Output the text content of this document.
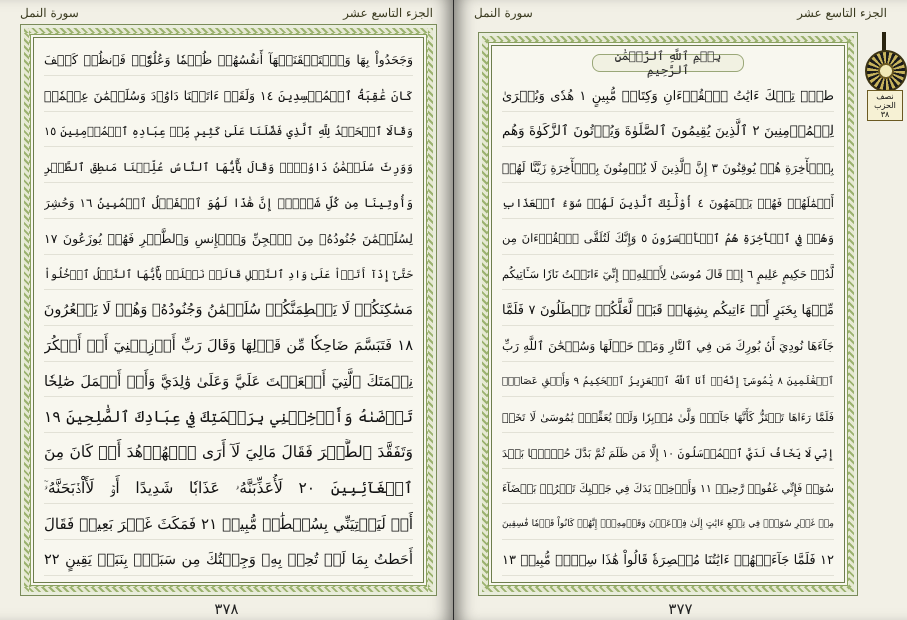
الجزء التاسع عشر
سورة النمل
وَجَحَدُواْ بِهَا وَٱسۡتَيۡقَنَتۡهَآ أَنفُسُهُمۡ ظُلۡمٗا وَعُلُوّٗاۚ فَٱنظُرۡ كَيۡفَ
كَانَ عَٰقِبَةُ ٱلۡمُفۡسِدِينَ ١٤ وَلَقَدۡ ءَاتَيۡنَا دَاوُۥدَ وَسُلَيۡمَٰنَ عِلۡمٗاۖ
وَقَالَا ٱلۡحَمۡدُ لِلَّهِ ٱلَّذِي فَضَّلَنَا عَلَىٰ كَثِيرٖ مِّنۡ عِبَادِهِ ٱلۡمُؤۡمِنِينَ ١٥
وَوَرِثَ سُلَيۡمَٰنُ دَاوُۥدَۖ وَقَالَ يَٰٓأَيُّهَا ٱلنَّاسُ عُلِّمۡنَا مَنطِقَ ٱلطَّيۡرِ
وَأُوتِينَا مِن كُلِّ شَيۡءٍۖ إِنَّ هَٰذَا لَهُوَ ٱلۡفَضۡلُ ٱلۡمُبِينُ ١٦ وَحُشِرَ
لِسُلَيۡمَٰنَ جُنُودُهُۥ مِنَ ٱلۡجِنِّ وَٱلۡإِنسِ وَٱلطَّيۡرِ فَهُمۡ يُوزَعُونَ ١٧
حَتَّىٰٓ إِذَآ أَتَوۡاْ عَلَىٰ وَادِ ٱلنَّمۡلِ قَالَتۡ نَمۡلَةٞ يَٰٓأَيُّهَا ٱلنَّمۡلُ ٱدۡخُلُواْ
مَسَٰكِنَكُمۡ لَا يَحۡطِمَنَّكُمۡ سُلَيۡمَٰنُ وَجُنُودُهُۥ وَهُمۡ لَا يَشۡعُرُونَ
١٨ فَتَبَسَّمَ ضَاحِكٗا مِّن قَوۡلِهَا وَقَالَ رَبِّ أَوۡزِعۡنِيٓ أَنۡ أَشۡكُرَ
نِعۡمَتَكَ ٱلَّتِيٓ أَنۡعَمۡتَ عَلَيَّ وَعَلَىٰ وَٰلِدَيَّ وَأَنۡ أَعۡمَلَ صَٰلِحٗا
تَرۡضَىٰهُ وَأَدۡخِلۡنِي بِرَحۡمَتِكَ فِي عِبَادِكَ ٱلصَّٰلِحِينَ ١٩
وَتَفَقَّدَ ٱلطَّيۡرَ فَقَالَ مَالِيَ لَآ أَرَى ٱلۡهُدۡهُدَ أَمۡ كَانَ مِنَ
ٱلۡغَآئِبِينَ ٢٠ لَأُعَذِّبَنَّهُۥ عَذَابٗا شَدِيدًا أَوۡ لَأَاْذۡبَحَنَّهُۥٓ
أَوۡ لَيَأۡتِيَنِّي بِسُلۡطَٰنٖ مُّبِينٖ ٢١ فَمَكَثَ غَيۡرَ بَعِيدٖ فَقَالَ
أَحَطتُ بِمَا لَمۡ تُحِطۡ بِهِۦ وَجِئۡتُكَ مِن سَبَإِۭ بِنَبَإٖ يَقِينٍ ٢٢
٣٧٨
الجزء التاسع عشر
سورة النمل
بِسۡمِ ٱللَّهِ ٱلرَّحۡمَٰنِ ٱلرَّحِيمِ
طسٓۚ تِلۡكَ ءَايَٰتُ ٱلۡقُرۡءَانِ وَكِتَابٖ مُّبِينٍ ١ هُدٗى وَبُشۡرَىٰ
لِلۡمُؤۡمِنِينَ ٢ ٱلَّذِينَ يُقِيمُونَ ٱلصَّلَوٰةَ وَيُؤۡتُونَ ٱلزَّكَوٰةَ وَهُم
بِٱلۡأٓخِرَةِ هُمۡ يُوقِنُونَ ٣ إِنَّ ٱلَّذِينَ لَا يُؤۡمِنُونَ بِٱلۡأٓخِرَةِ زَيَّنَّا لَهُمۡ
أَعۡمَٰلَهُمۡ فَهُمۡ يَعۡمَهُونَ ٤ أُوْلَٰٓئِكَ ٱلَّذِينَ لَهُمۡ سُوٓءُ ٱلۡعَذَابِ
وَهُمۡ فِي ٱلۡأٓخِرَةِ هُمُ ٱلۡأَخۡسَرُونَ ٥ وَإِنَّكَ لَتُلَقَّى ٱلۡقُرۡءَانَ مِن
لَّدُنۡ حَكِيمٍ عَلِيمٍ ٦ إِذۡ قَالَ مُوسَىٰ لِأَهۡلِهِۦٓ إِنِّيٓ ءَانَسۡتُ نَارٗا سَـَٔاتِيكُم
مِّنۡهَا بِخَبَرٍ أَوۡ ءَاتِيكُم بِشِهَابٖ قَبَسٖ لَّعَلَّكُمۡ تَصۡطَلُونَ ٧ فَلَمَّا
جَآءَهَا نُودِيَ أَنۢ بُورِكَ مَن فِي ٱلنَّارِ وَمَنۡ حَوۡلَهَا وَسُبۡحَٰنَ ٱللَّهِ رَبِّ
ٱلۡعَٰلَمِينَ ٨ يَٰمُوسَىٰٓ إِنَّهُۥٓ أَنَا ٱللَّهُ ٱلۡعَزِيزُ ٱلۡحَكِيمُ ٩ وَأَلۡقِ عَصَاكَۚ
فَلَمَّا رَءَاهَا تَهۡتَزُّ كَأَنَّهَا جَآنّٞ وَلَّىٰ مُدۡبِرٗا وَلَمۡ يُعَقِّبۡۚ يَٰمُوسَىٰ لَا تَخَفۡ
إِنِّي لَا يَخَافُ لَدَيَّ ٱلۡمُرۡسَلُونَ ١٠ إِلَّا مَن ظَلَمَ ثُمَّ بَدَّلَ حُسۡنَۢا بَعۡدَ
سُوٓءٖ فَإِنِّي غَفُورٞ رَّحِيمٞ ١١ وَأَدۡخِلۡ يَدَكَ فِي جَيۡبِكَ تَخۡرُجۡ بَيۡضَآءَ
مِنۡ غَيۡرِ سُوٓءٖۖ فِي تِسۡعِ ءَايَٰتٍ إِلَىٰ فِرۡعَوۡنَ وَقَوۡمِهِۦٓۚ إِنَّهُمۡ كَانُواْ قَوۡمٗا فَٰسِقِينَ
١٢ فَلَمَّا جَآءَتۡهُمۡ ءَايَٰتُنَا مُبۡصِرَةٗ قَالُواْ هَٰذَا سِحۡرٞ مُّبِينٞ ١٣
نصف
الحزب
٣٨
٣٧٧
